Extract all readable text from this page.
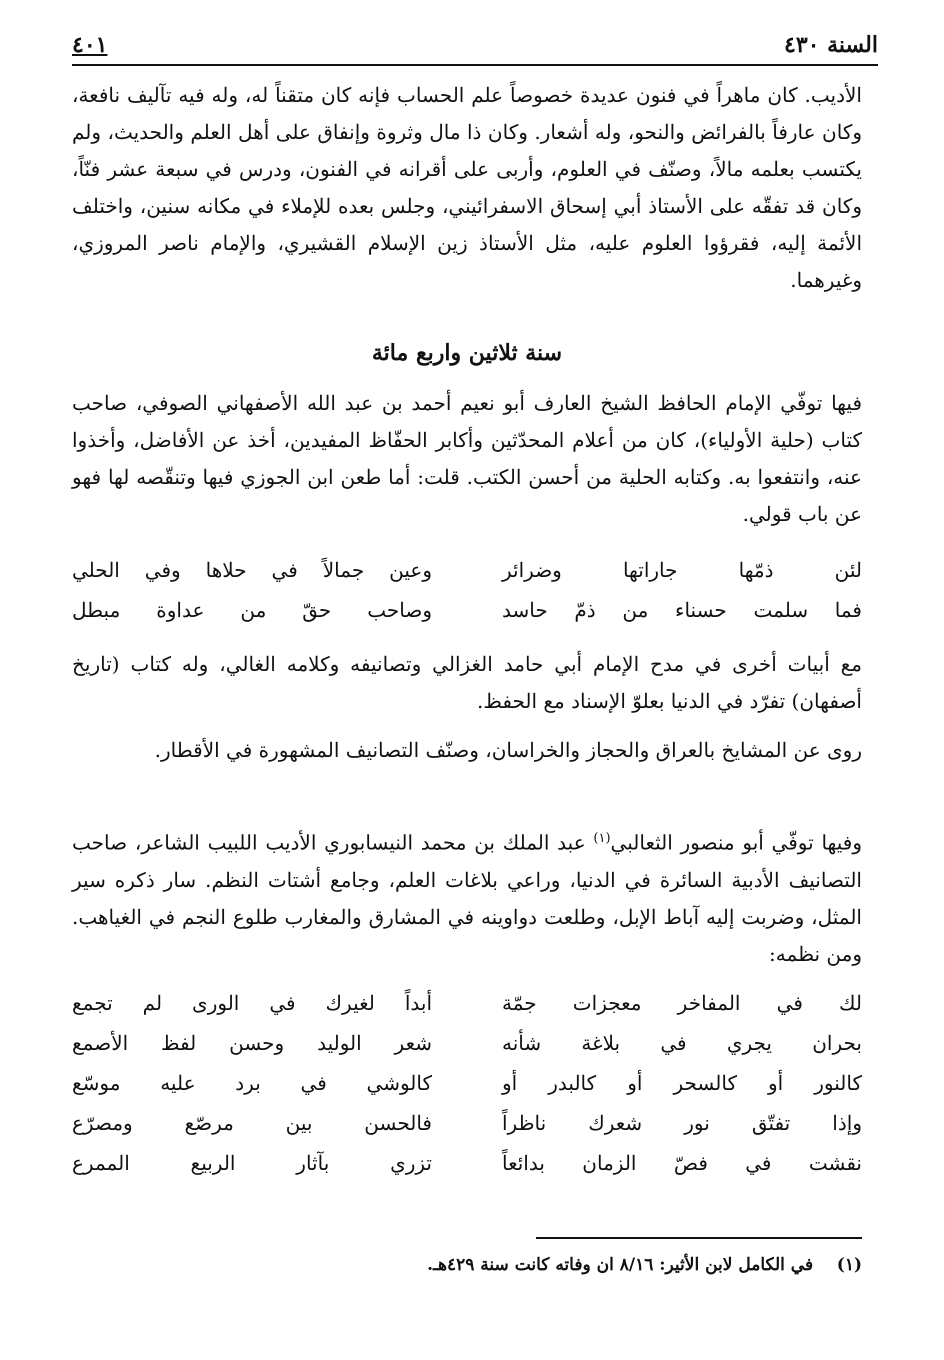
السنة ٤٣٠
٤٠١
الأديب. كان ماهراً في فنون عديدة خصوصاً علم الحساب فإنه كان متقناً له، وله فيه تآليف نافعة، وكان عارفاً بالفرائض والنحو، وله أشعار. وكان ذا مال وثروة وإنفاق على أهل العلم والحديث، ولم يكتسب بعلمه مالاً، وصنّف في العلوم، وأربى على أقرانه في الفنون، ودرس في سبعة عشر فنّاً، وكان قد تفقّه على الأستاذ أبي إسحاق الاسفرائيني، وجلس بعده للإملاء في مكانه سنين، واختلف الأئمة إليه، فقرؤوا العلوم عليه، مثل الأستاذ زين الإسلام القشيري، والإمام ناصر المروزي، وغيرهما.
سنة ثلاثين واربع مائة
فيها توفّي الإمام الحافظ الشيخ العارف أبو نعيم أحمد بن عبد الله الأصفهاني الصوفي، صاحب كتاب (حلية الأولياء)، كان من أعلام المحدّثين وأكابر الحفّاظ المفيدين، أخذ عن الأفاضل، وأخذوا عنه، وانتفعوا به. وكتابه الحلية من أحسن الكتب. قلت: أما طعن ابن الجوزي فيها وتنقّصه لها فهو عن باب قولي.
لئن ذمّها جاراتها وضرائر
وعين جمالاً في حلاها وفي الحلي
فما سلمت حسناء من ذمّ حاسد
وصاحب حقّ من عداوة مبطل
مع أبيات أخرى في مدح الإمام أبي حامد الغزالي وتصانيفه وكلامه الغالي، وله كتاب (تاريخ أصفهان) تفرّد في الدنيا بعلوّ الإسناد مع الحفظ.
روى عن المشايخ بالعراق والحجاز والخراسان، وصنّف التصانيف المشهورة في الأقطار.
وفيها توفّي أبو منصور الثعالبي$^{(١)}$ عبد الملك بن محمد النيسابوري الأديب اللبيب الشاعر، صاحب التصانيف الأدبية السائرة في الدنيا، وراعي بلاغات العلم، وجامع أشتات النظم. سار ذكره سير المثل، وضربت إليه آباط الإبل، وطلعت دواوينه في المشارق والمغارب طلوع النجم في الغياهب. ومن نظمه:
لك في المفاخر معجزات جمّة
أبداً لغيرك في الورى لم تجمع
بحران يجري في بلاغة شأنه
شعر الوليد وحسن لفظ الأصمع
كالنور أو كالسحر أو كالبدر أو
كالوشي في برد عليه موسّع
وإذا تفتّق نور شعرك ناظراً
فالحسن بين مرصّع ومصرّع
نقشت في فصّ الزمان بدائعاً
تزري بآثار الربيع الممرع
(١)    في الكامل لابن الأثير: ٨/١٦ ان وفاته كانت سنة ٤٢٩هـ.
